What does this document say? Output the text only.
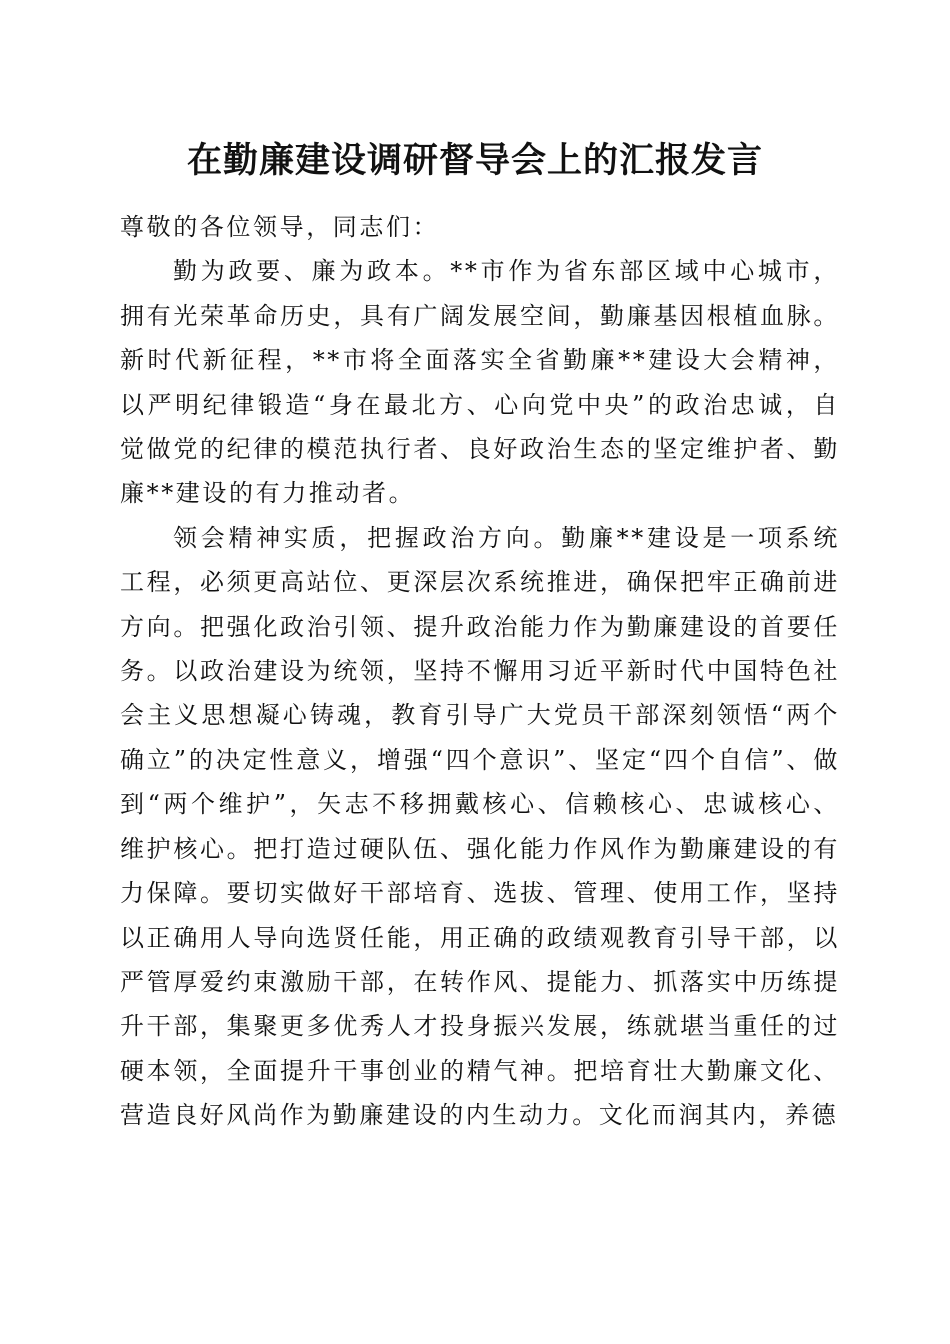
在勤廉建设调研督导会上的汇报发言

尊敬的各位领导，同志们：

勤为政要、廉为政本。**市作为省东部区域中心城市，拥有光荣革命历史，具有广阔发展空间，勤廉基因根植血脉。新时代新征程，**市将全面落实全省勤廉**建设大会精神，以严明纪律锻造“身在最北方、心向党中央”的政治忠诚，自觉做党的纪律的模范执行者、良好政治生态的坚定维护者、勤廉**建设的有力推动者。

领会精神实质，把握政治方向。勤廉**建设是一项系统工程，必须更高站位、更深层次系统推进，确保把牢正确前进方向。把强化政治引领、提升政治能力作为勤廉建设的首要任务。以政治建设为统领，坚持不懈用习近平新时代中国特色社会主义思想凝心铸魂，教育引导广大党员干部深刻领悟“两个确立”的决定性意义，增强“四个意识”、坚定“四个自信”、做到“两个维护”，矢志不移拥戴核心、信赖核心、忠诚核心、维护核心。把打造过硬队伍、强化能力作风作为勤廉建设的有力保障。要切实做好干部培育、选拔、管理、使用工作，坚持以正确用人导向选贤任能，用正确的政绩观教育引导干部，以严管厚爱约束激励干部，在转作风、提能力、抓落实中历练提升干部，集聚更多优秀人才投身振兴发展，练就堪当重任的过硬本领，全面提升干事创业的精气神。把培育壮大勤廉文化、营造良好风尚作为勤廉建设的内生动力。文化而润其内，养德
